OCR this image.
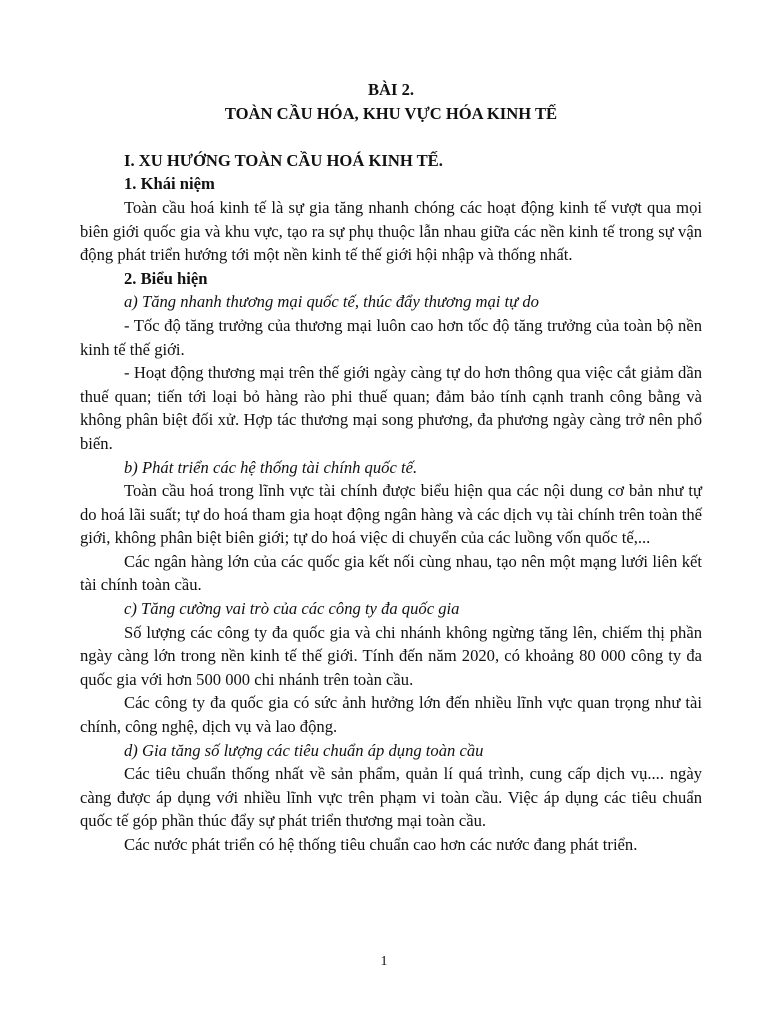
BÀI 2.

TOÀN CẦU HÓA, KHU VỰC HÓA KINH TẾ

I. XU HƯỚNG TOÀN CẦU HOÁ KINH TẾ.

1. Khái niệm

Toàn cầu hoá kinh tế là sự gia tăng nhanh chóng các hoạt động kinh tế vượt qua mọi biên giới quốc gia và khu vực, tạo ra sự phụ thuộc lẫn nhau giữa các nền kinh tế trong sự vận động phát triển hướng tới một nền kinh tế thế giới hội nhập và thống nhất.

2. Biểu hiện

a) Tăng nhanh thương mại quốc tế, thúc đẩy thương mại tự do

- Tốc độ tăng trưởng của thương mại luôn cao hơn tốc độ tăng trưởng của toàn bộ nền kinh tế thế giới.

- Hoạt động thương mại trên thế giới ngày càng tự do hơn thông qua việc cắt giảm dần thuế quan; tiến tới loại bỏ hàng rào phi thuế quan; đảm bảo tính cạnh tranh công bằng và không phân biệt đối xử. Hợp tác thương mại song phương, đa phương ngày càng trở nên phổ biến.

b) Phát triển các hệ thống tài chính quốc tế.

Toàn cầu hoá trong lĩnh vực tài chính được biểu hiện qua các nội dung cơ bản như tự do hoá lãi suất; tự do hoá tham gia hoạt động ngân hàng và các dịch vụ tài chính trên toàn thế giới, không phân biệt biên giới; tự do hoá việc di chuyển của các luồng vốn quốc tế,...

Các ngân hàng lớn của các quốc gia kết nối cùng nhau, tạo nên một mạng lưới liên kết tài chính toàn cầu.

c) Tăng cường vai trò của các công ty đa quốc gia

Số lượng các công ty đa quốc gia và chi nhánh không ngừng tăng lên, chiếm thị phần ngày càng lớn trong nền kinh tế thế giới. Tính đến năm 2020, có khoảng 80 000 công ty đa quốc gia với hơn 500 000 chi nhánh trên toàn cầu.

Các công ty đa quốc gia có sức ảnh hưởng lớn đến nhiều lĩnh vực quan trọng như tài chính, công nghệ, dịch vụ và lao động.

d) Gia tăng số lượng các tiêu chuẩn áp dụng toàn cầu

Các tiêu chuẩn thống nhất về sản phẩm, quản lí quá trình, cung cấp dịch vụ.... ngày càng được áp dụng với nhiều lĩnh vực trên phạm vi toàn cầu. Việc áp dụng các tiêu chuẩn quốc tế góp phần thúc đẩy sự phát triển thương mại toàn cầu.

Các nước phát triển có hệ thống tiêu chuẩn cao hơn các nước đang phát triển.

1
